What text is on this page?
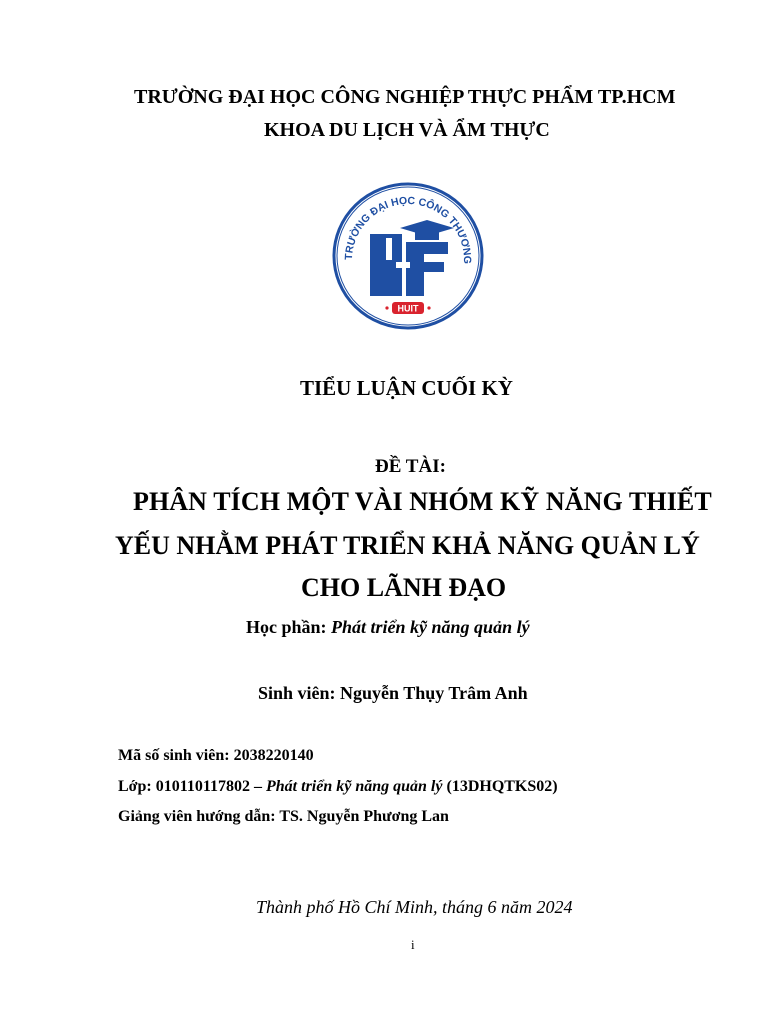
TRƯỜNG ĐẠI HỌC CÔNG NGHIỆP THỰC PHẨM TP.HCM
KHOA DU LỊCH VÀ ẨM THỰC
TRƯỜNG ĐẠI HỌC CÔNG THƯƠNG
HUIT
TIỂU LUẬN CUỐI KỲ
ĐỀ TÀI:
PHÂN TÍCH MỘT VÀI NHÓM KỸ NĂNG THIẾT
YẾU NHẰM PHÁT TRIỂN KHẢ NĂNG QUẢN LÝ
CHO LÃNH ĐẠO
Học phần: Phát triển kỹ năng quản lý
Sinh viên: Nguyễn Thụy Trâm Anh
Mã số sinh viên: 2038220140
Lớp: 010110117802 – Phát triển kỹ năng quản lý (13DHQTKS02)
Giảng viên hướng dẫn: TS. Nguyễn Phương Lan
Thành phố Hồ Chí Minh, tháng 6 năm 2024
i
